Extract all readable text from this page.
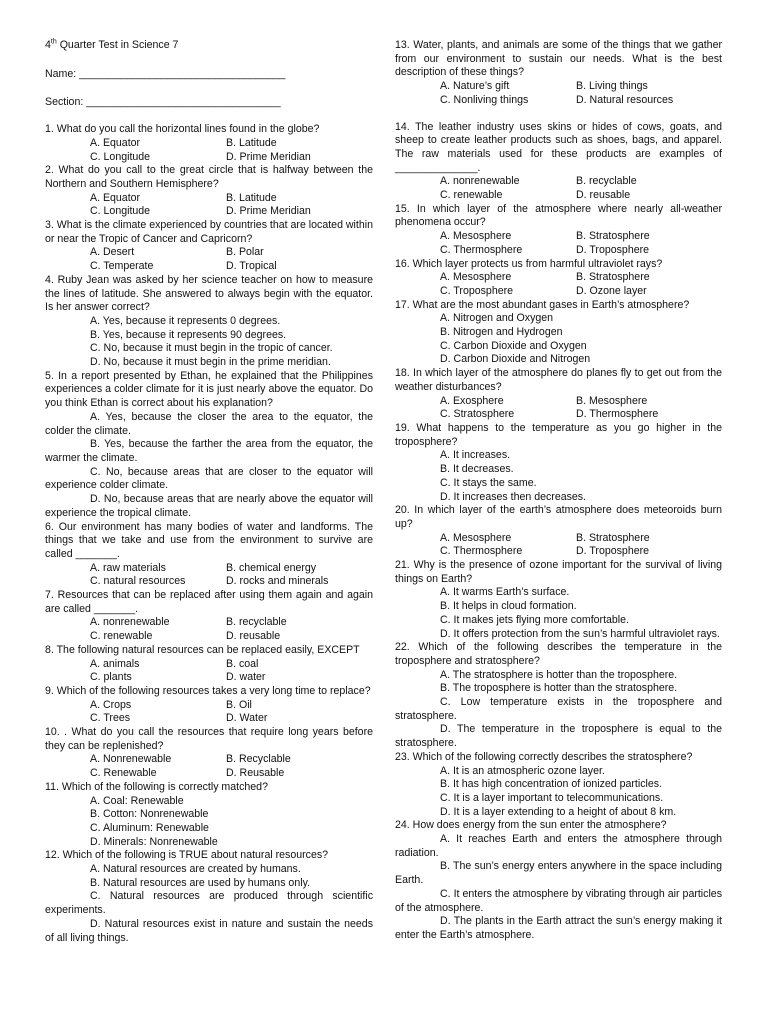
4th Quarter Test in Science 7

Name: ___________________________________

Section: _________________________________

1. What do you call the horizontal lines found in the globe?

A. Equator	B. Latitude
C. Longitude	D. Prime Meridian

2. What do you call to the great circle that is halfway between the Northern and Southern Hemisphere?

A. Equator	B. Latitude
C. Longitude	D. Prime Meridian

3. What is the climate experienced by countries that are located within or near the Tropic of Cancer and Capricorn?

A. Desert	B. Polar
C. Temperate	D. Tropical

4. Ruby Jean was asked by her science teacher on how to measure the lines of latitude. She answered to always begin with the equator. Is her answer correct?

A. Yes, because it represents 0 degrees.
B. Yes, because it represents 90 degrees.
C. No, because it must begin in the tropic of cancer.
D. No, because it must begin in the prime meridian.

5. In a report presented by Ethan, he explained that the Philippines experiences a colder climate for it is just nearly above the equator. Do you think Ethan is correct about his explanation?

A. Yes, because the closer the area to the equator, the colder the climate.

B. Yes, because the farther the area from the equator, the warmer the climate.

C. No, because areas that are closer to the equator will experience colder climate.

D. No, because areas that are nearly above the equator will experience the tropical climate.

6. Our environment has many bodies of water and landforms. The things that we take and use from the environment to survive are called _______.

A. raw materials	B. chemical energy
C. natural resources	D. rocks and minerals

7. Resources that can be replaced after using them again and again are called _______.

A. nonrenewable	B. recyclable
C. renewable	D. reusable

8. The following natural resources can be replaced easily, EXCEPT

A. animals	B. coal
C. plants	D. water

9. Which of the following resources takes a very long time to replace?

A. Crops	B. Oil
C. Trees	D. Water

10. . What do you call the resources that require long years before they can be replenished?

A. Nonrenewable	B. Recyclable
C. Renewable	D. Reusable

11. Which of the following is correctly matched?

A. Coal: Renewable
B. Cotton: Nonrenewable
C. Aluminum: Renewable
D. Minerals: Nonrenewable

12. Which of the following is TRUE about natural resources?

A. Natural resources are created by humans.
B. Natural resources are used by humans only.

C. Natural resources are produced through scientific experiments.

D. Natural resources exist in nature and sustain the needs of all living things.

13. Water, plants, and animals are some of the things that we gather from our environment to sustain our needs. What is the best description of these things?

A. Nature’s gift	B. Living things
C. Nonliving things	D. Natural resources

14. The leather industry uses skins or hides of cows, goats, and sheep to create leather products such as shoes, bags, and apparel. The raw materials used for these products are examples of ______________.

A. nonrenewable	B. recyclable
C. renewable	D. reusable

15. In which layer of the atmosphere where nearly all-weather phenomena occur?

A. Mesosphere	B. Stratosphere
C. Thermosphere	D. Troposphere

16. Which layer protects us from harmful ultraviolet rays?

A. Mesosphere	B. Stratosphere
C. Troposphere	D. Ozone layer

17. What are the most abundant gases in Earth’s atmosphere?

A. Nitrogen and Oxygen
B. Nitrogen and Hydrogen
C. Carbon Dioxide and Oxygen
D. Carbon Dioxide and Nitrogen

18. In which layer of the atmosphere do planes fly to get out from the weather disturbances?

A. Exosphere	B. Mesosphere
C. Stratosphere	D. Thermosphere

19. What happens to the temperature as you go higher in the troposphere?

A. It increases.
B. It decreases.
C. It stays the same.
D. It increases then decreases.

20. In which layer of the earth’s atmosphere does meteoroids burn up?

A. Mesosphere	B. Stratosphere
C. Thermosphere	D. Troposphere

21. Why is the presence of ozone important for the survival of living things on Earth?

A. It warms Earth’s surface.
B. It helps in cloud formation.
C. It makes jets flying more comfortable.

D. It offers protection from the sun’s harmful ultraviolet rays.

22. Which of the following describes the temperature in the troposphere and stratosphere?

A. The stratosphere is hotter than the troposphere.
B. The troposphere is hotter than the stratosphere.

C. Low temperature exists in the troposphere and stratosphere.

D. The temperature in the troposphere is equal to the stratosphere.

23. Which of the following correctly describes the stratosphere?

A. It is an atmospheric ozone layer.
B. It has high concentration of ionized particles.
C. It is a layer important to telecommunications.
D. It is a layer extending to a height of about 8 km.

24. How does energy from the sun enter the atmosphere?

A. It reaches Earth and enters the atmosphere through radiation.

B. The sun’s energy enters anywhere in the space including Earth.

C. It enters the atmosphere by vibrating through air particles of the atmosphere.

D. The plants in the Earth attract the sun’s energy making it enter the Earth’s atmosphere.
